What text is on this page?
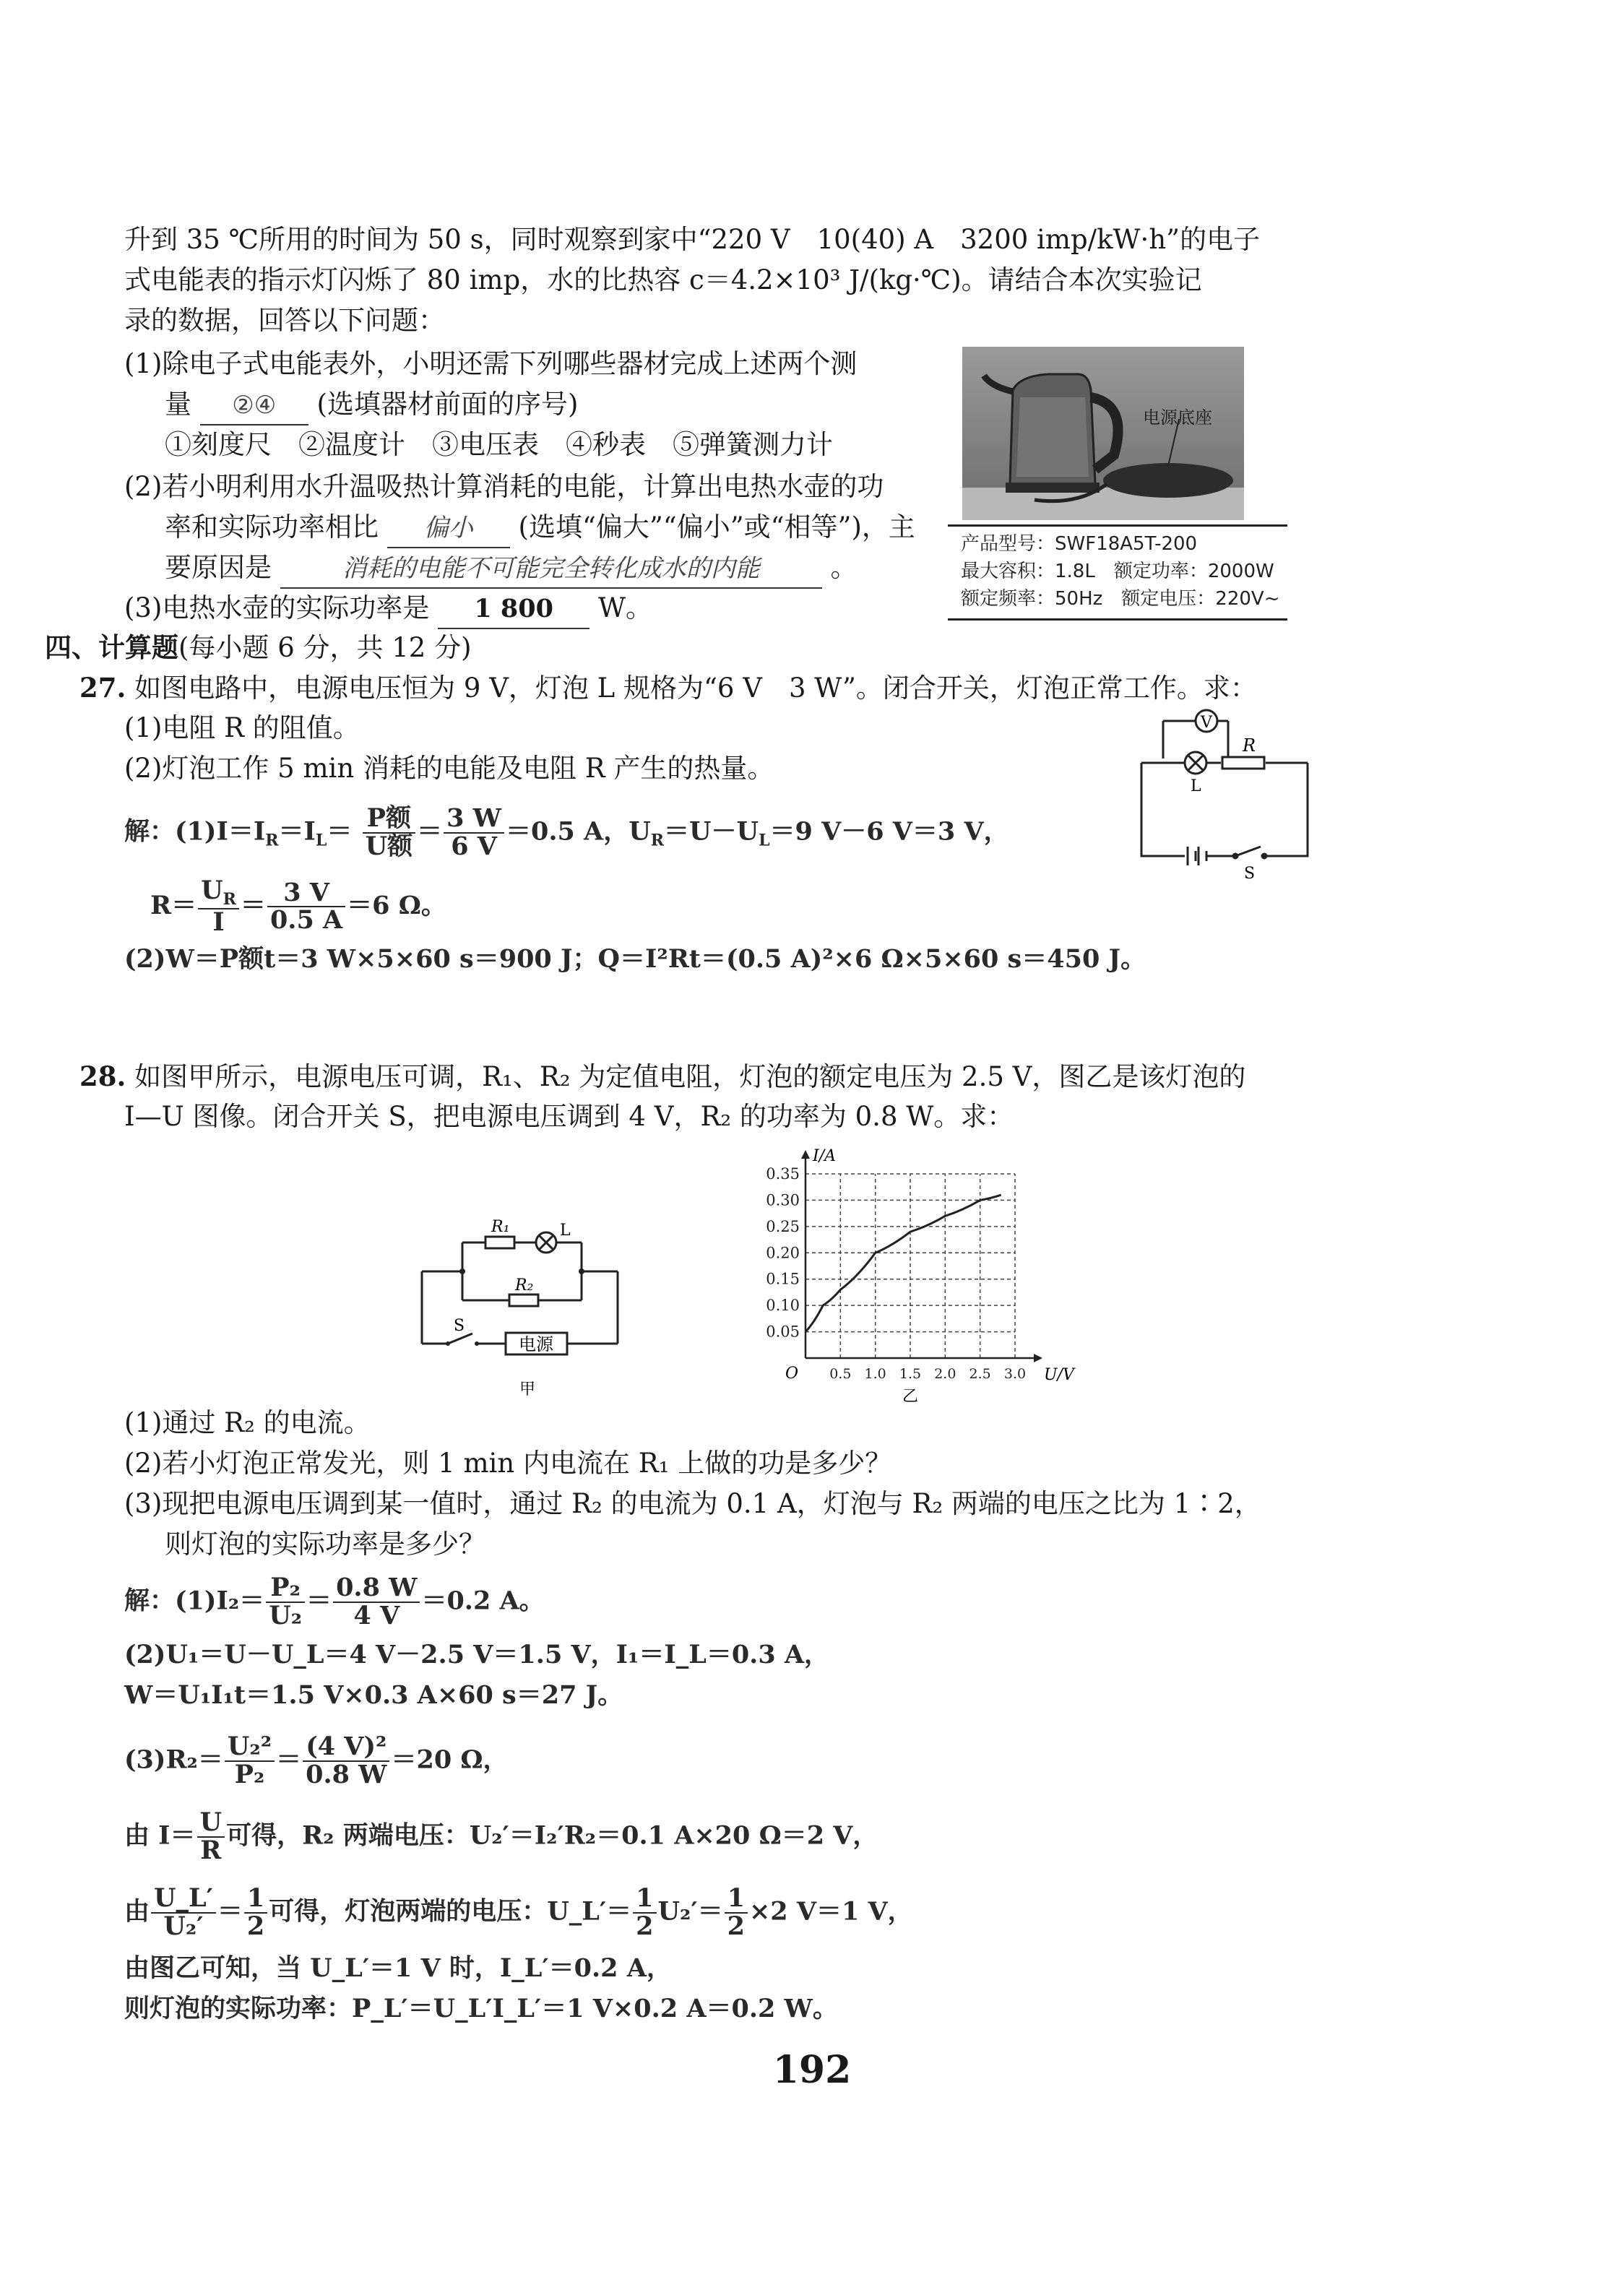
升到 35 ℃所用的时间为 50 s，同时观察到家中“220 V　10(40) A　3200 imp/kW·h”的电子
式电能表的指示灯闪烁了 80 imp，水的比热容 c＝4.2×10³ J/(kg·℃)。请结合本次实验记
录的数据，回答以下问题：
(1)除电子式电能表外，小明还需下列哪些器材完成上述两个测
量 ②④ (选填器材前面的序号)
①刻度尺　②温度计　③电压表　④秒表　⑤弹簧测力计
(2)若小明利用水升温吸热计算消耗的电能，计算出电热水壶的功
率和实际功率相比 偏小 (选填“偏大”“偏小”或“相等”)，主
要原因是	消耗的电能不可能完全转化成水的内能	。
(3)电热水壶的实际功率是 1 800 W。
电源底座
产品型号：SWF18A5T-200
最大容积：1.8L　额定功率：2000W
额定频率：50Hz　额定电压：220V~
四、计算题(每小题 6 分，共 12 分)
27. 如图电路中，电源电压恒为 9 V，灯泡 L 规格为“6 V　3 W”。闭合开关，灯泡正常工作。求：
(1)电阻 R 的阻值。
(2)灯泡工作 5 min 消耗的电能及电阻 R 产生的热量。
V
R
L
S
解：$(1)I=I_R=I_L= \frac{\text{P额}}{\text{U额}} = \frac{3 W}{6 V} =0.5$ A，$U_R=U-U_L=9$ V－6 V＝3 V，
$R= \frac{U_R}{I} = \frac{3 V}{0.5 A} =6$ Ω。
(2)W＝P额t＝3 W×5×60 s＝900 J；Q＝I²Rt＝(0.5 A)²×6 Ω×5×60 s＝450 J。
28. 如图甲所示，电源电压可调，R₁、R₂ 为定值电阻，灯泡的额定电压为 2.5 V，图乙是该灯泡的
I—U 图像。闭合开关 S，把电源电压调到 4 V，R₂ 的功率为 0.8 W。求：
R₁	L
R₂
S
电源
甲
0.5 1.0 1.5 2.0 2.5 3.0
0.05
0.10
0.15
0.20
0.25
0.30
0.35
I/A
U/V
O
乙
(1)通过 R₂ 的电流。
(2)若小灯泡正常发光，则 1 min 内电流在 R₁ 上做的功是多少？
(3)现把电源电压调到某一值时，通过 R₂ 的电流为 0.1 A，灯泡与 R₂ 两端的电压之比为 1∶2，
则灯泡的实际功率是多少？
解：$(1)I_2= \frac{\text{P₂}}{\text{U₂}} = \frac{0.8 W}{4 V} =0.2$ A。
(2)U₁＝U－U_L＝4 V－2.5 V＝1.5 V，I₁＝I_L＝0.3 A，
W＝U₁I₁t＝1.5 V×0.3 A×60 s＝27 J。
$(3)R_2= \frac{\text{U₂²}}{\text{P₂}} = \frac{\text{(4 V)²}}{0.8 W} =20$ Ω，
由 $I= \frac{U}{R}$ 可得，R₂ 两端电压：U₂′＝I₂′R₂＝0.1 A×20 Ω＝2 V，
由 $\frac{U\_L'}{\text{U₂′}} = \frac{1}{2}$ 可得，灯泡两端的电压：U_L′＝ $\frac{1}{2} U_2'= \frac{1}{2} \times 2$ V＝1 V，
由图乙可知，当 U_L′＝1 V 时，I_L′＝0.2 A，
则灯泡的实际功率：P_L′＝U_L′I_L′＝1 V×0.2 A＝0.2 W。
192
